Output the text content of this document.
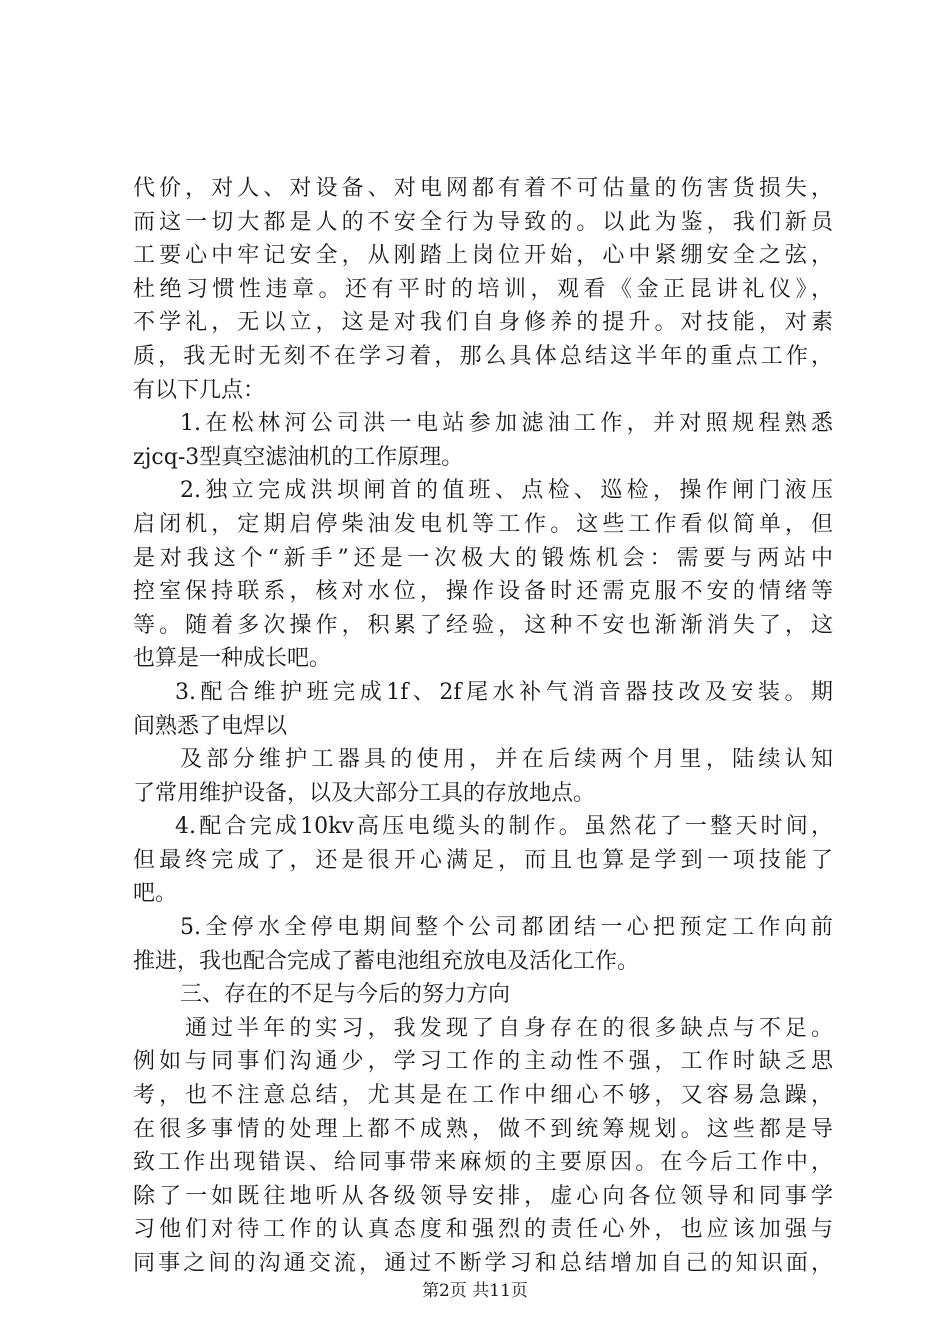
代价，对人、对设备、对电网都有着不可估量的伤害货损失，
而这一切大都是人的不安全行为导致的。以此为鉴，我们新员
工要心中牢记安全，从刚踏上岗位开始，心中紧绷安全之弦，
杜绝习惯性违章。还有平时的培训，观看《金正昆讲礼仪》，
不学礼，无以立，这是对我们自身修养的提升。对技能，对素
质，我无时无刻不在学习着，那么具体总结这半年的重点工作，
有以下几点：
1.在松林河公司洪一电站参加滤油工作，并对照规程熟悉
zjcq-3型真空滤油机的工作原理。
2.独立完成洪坝闸首的值班、点检、巡检，操作闸门液压
启闭机，定期启停柴油发电机等工作。这些工作看似简单，但
是对我这个“新手”还是一次极大的锻炼机会：需要与两站中
控室保持联系，核对水位，操作设备时还需克服不安的情绪等
等。随着多次操作，积累了经验，这种不安也渐渐消失了，这
也算是一种成长吧。
3.配合维护班完成1f、2f尾水补气消音器技改及安装。期
间熟悉了电焊以
及部分维护工器具的使用，并在后续两个月里，陆续认知
了常用维护设备，以及大部分工具的存放地点。
4.配合完成10kv高压电缆头的制作。虽然花了一整天时间，
但最终完成了，还是很开心满足，而且也算是学到一项技能了
吧。
5.全停水全停电期间整个公司都团结一心把预定工作向前
推进，我也配合完成了蓄电池组充放电及活化工作。
三、存在的不足与今后的努力方向
通过半年的实习，我发现了自身存在的很多缺点与不足。
例如与同事们沟通少，学习工作的主动性不强，工作时缺乏思
考，也不注意总结，尤其是在工作中细心不够，又容易急躁，
在很多事情的处理上都不成熟，做不到统筹规划。这些都是导
致工作出现错误、给同事带来麻烦的主要原因。在今后工作中，
除了一如既往地听从各级领导安排，虚心向各位领导和同事学
习他们对待工作的认真态度和强烈的责任心外，也应该加强与
同事之间的沟通交流，通过不断学习和总结增加自己的知识面，
第2页 共11页
